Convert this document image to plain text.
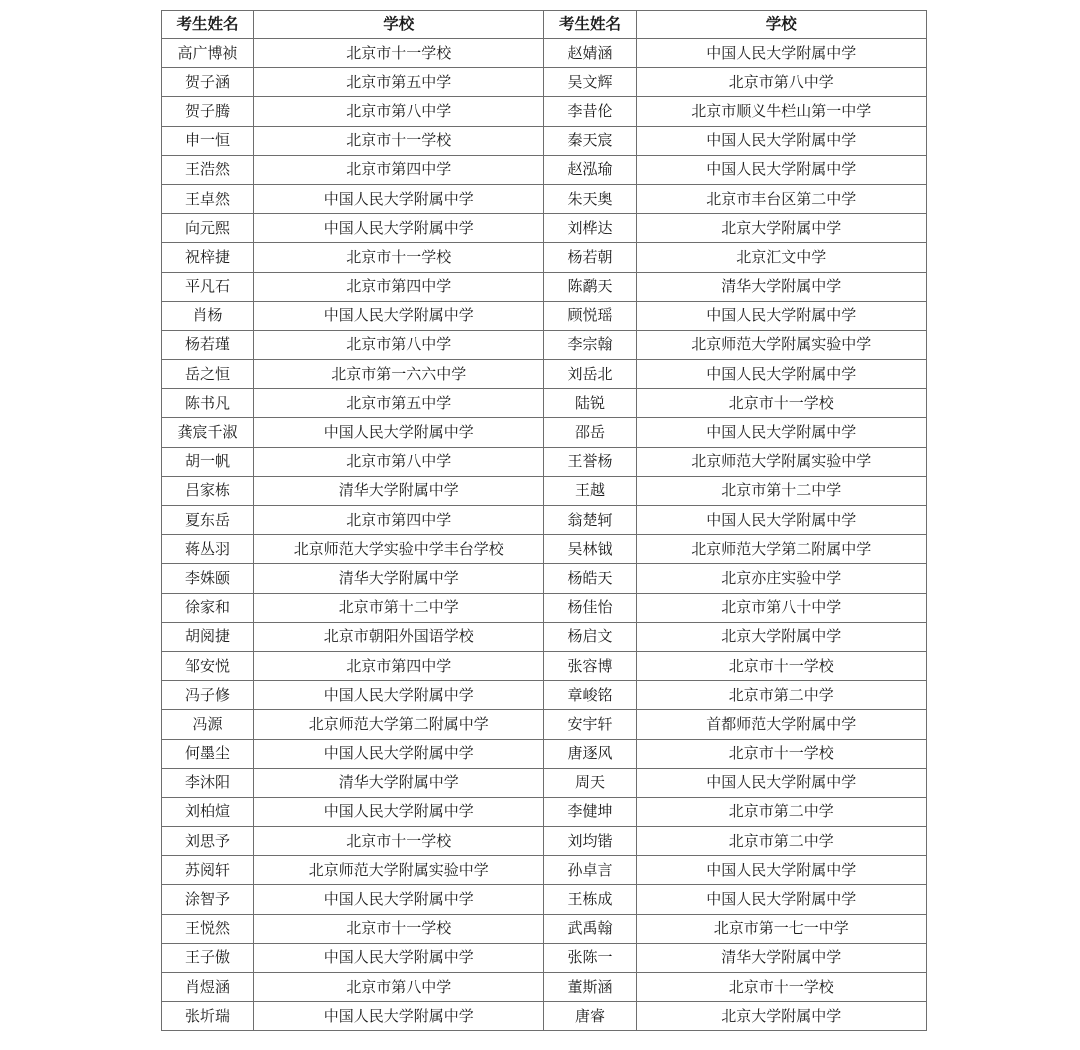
考生姓名	学校	考生姓名	学校
高广博祯	北京市十一学校	赵婧涵	中国人民大学附属中学
贺子涵	北京市第五中学	吴文辉	北京市第八中学
贺子腾	北京市第八中学	李昔伦	北京市顺义牛栏山第一中学
申一恒	北京市十一学校	秦天宸	中国人民大学附属中学
王浩然	北京市第四中学	赵泓瑜	中国人民大学附属中学
王卓然	中国人民大学附属中学	朱天奥	北京市丰台区第二中学
向元熙	中国人民大学附属中学	刘桦达	北京大学附属中学
祝梓捷	北京市十一学校	杨若朝	北京汇文中学
平凡石	北京市第四中学	陈鹬天	清华大学附属中学
肖杨	中国人民大学附属中学	顾悦瑶	中国人民大学附属中学
杨若瑾	北京市第八中学	李宗翰	北京师范大学附属实验中学
岳之恒	北京市第一六六中学	刘岳北	中国人民大学附属中学
陈书凡	北京市第五中学	陆锐	北京市十一学校
龚宸千淑	中国人民大学附属中学	邵岳	中国人民大学附属中学
胡一帆	北京市第八中学	王誉杨	北京师范大学附属实验中学
吕家栋	清华大学附属中学	王越	北京市第十二中学
夏东岳	北京市第四中学	翁楚轲	中国人民大学附属中学
蒋丛羽	北京师范大学实验中学丰台学校	吴林钺	北京师范大学第二附属中学
李姝颐	清华大学附属中学	杨皓天	北京亦庄实验中学
徐家和	北京市第十二中学	杨佳怡	北京市第八十中学
胡阅捷	北京市朝阳外国语学校	杨启文	北京大学附属中学
邹安悦	北京市第四中学	张容博	北京市十一学校
冯子修	中国人民大学附属中学	章峻铭	北京市第二中学
冯源	北京师范大学第二附属中学	安宇轩	首都师范大学附属中学
何墨尘	中国人民大学附属中学	唐逐风	北京市十一学校
李沐阳	清华大学附属中学	周天	中国人民大学附属中学
刘柏煊	中国人民大学附属中学	李健坤	北京市第二中学
刘思予	北京市十一学校	刘均锴	北京市第二中学
苏阅轩	北京师范大学附属实验中学	孙卓言	中国人民大学附属中学
涂智予	中国人民大学附属中学	王栋成	中国人民大学附属中学
王悦然	北京市十一学校	武禹翰	北京市第一七一中学
王子傲	中国人民大学附属中学	张陈一	清华大学附属中学
肖煜涵	北京市第八中学	董斯涵	北京市十一学校
张圻瑞	中国人民大学附属中学	唐睿	北京大学附属中学
